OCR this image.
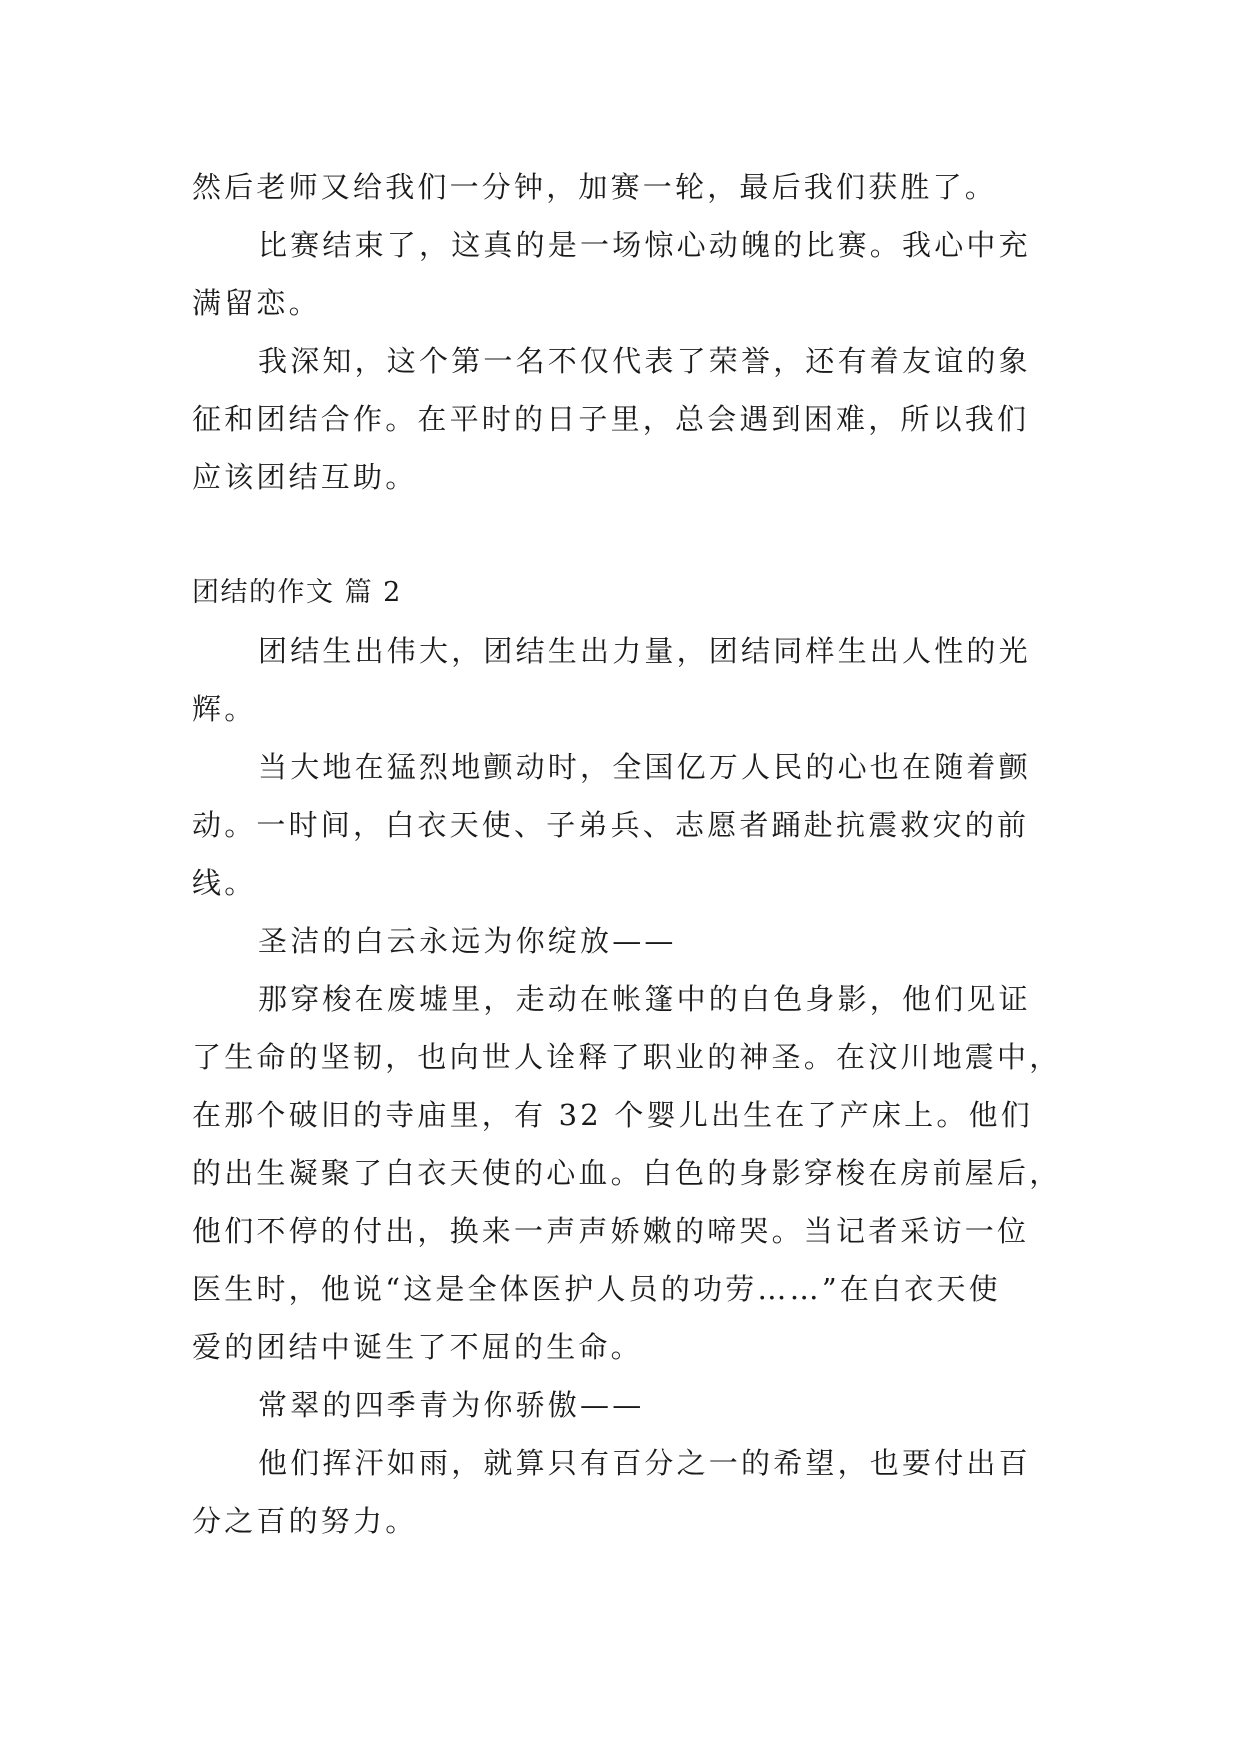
然后老师又给我们一分钟，加赛一轮，最后我们获胜了。
比赛结束了，这真的是一场惊心动魄的比赛。我心中充
满留恋。
我深知，这个第一名不仅代表了荣誉，还有着友谊的象
征和团结合作。在平时的日子里，总会遇到困难，所以我们
应该团结互助。
团结的作文 篇 2
团结生出伟大，团结生出力量，团结同样生出人性的光
辉。
当大地在猛烈地颤动时，全国亿万人民的心也在随着颤
动。一时间，白衣天使、子弟兵、志愿者踊赴抗震救灾的前
线。
圣洁的白云永远为你绽放——
那穿梭在废墟里，走动在帐篷中的白色身影，他们见证
了生命的坚韧，也向世人诠释了职业的神圣。在汶川地震中，
在那个破旧的寺庙里，有 32 个婴儿出生在了产床上。他们
的出生凝聚了白衣天使的心血。白色的身影穿梭在房前屋后，
他们不停的付出，换来一声声娇嫩的啼哭。当记者采访一位
医生时，他说“这是全体医护人员的功劳……”在白衣天使
爱的团结中诞生了不屈的生命。
常翠的四季青为你骄傲——
他们挥汗如雨，就算只有百分之一的希望，也要付出百
分之百的努力。
